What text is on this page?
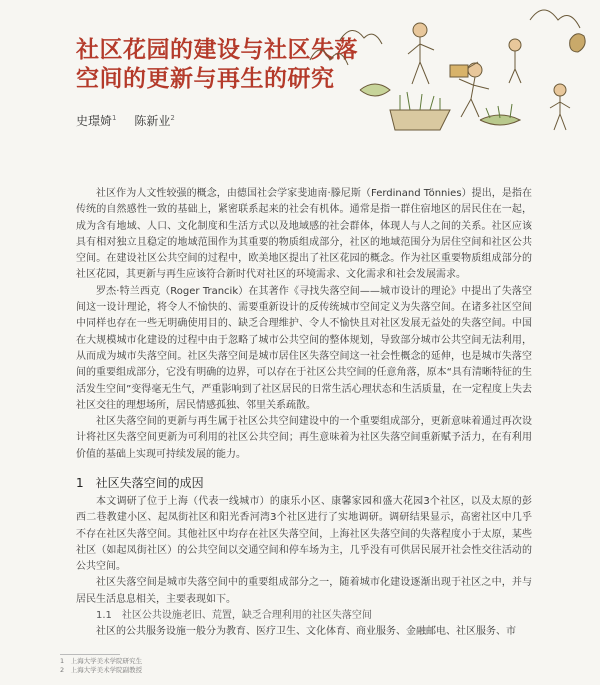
社区花园的建设与社区失落
空间的更新与再生的研究
史璟婍$^1$ 陈新业$^2$

社区作为人文性较强的概念，由德国社会学家斐迪南·滕尼斯（Ferdinand Tönnies）提出，是指在传统的自然感性一致的基础上，紧密联系起来的社会有机体。通常是指一群住宿地区的居民住在一起，成为含有地域、人口、文化制度和生活方式以及地域感的社会群体，体现人与人之间的关系。社区应该具有相对独立且稳定的地域范围作为其重要的物质组成部分，社区的地域范围分为居住空间和社区公共空间。在建设社区公共空间的过程中，欧美地区提出了社区花园的概念。作为社区重要物质组成部分的社区花园，其更新与再生应该符合新时代对社区的环境需求、文化需求和社会发展需求。

罗杰·特兰西克（Roger Trancik）在其著作《寻找失落空间——城市设计的理论》中提出了失落空间这一设计理论，将令人不愉快的、需要重新设计的反传统城市空间定义为失落空间。在诸多社区空间中同样也存在一些无明确使用目的、缺乏合理维护、令人不愉快且对社区发展无益处的失落空间。中国在大规模城市化建设的过程中由于忽略了城市公共空间的整体规划，导致部分城市公共空间无法利用，从而成为城市失落空间。社区失落空间是城市居住区失落空间这一社会性概念的延伸，也是城市失落空间的重要组成部分，它没有明确的边界，可以存在于社区公共空间的任意角落，原本“具有清晰特征的生活发生空间”变得毫无生气，严重影响到了社区居民的日常生活心理状态和生活质量，在一定程度上失去社区交往的理想场所，居民情感孤独、邻里关系疏散。

社区失落空间的更新与再生属于社区公共空间建设中的一个重要组成部分，更新意味着通过再次设计将社区失落空间更新为可利用的社区公共空间；再生意味着为社区失落空间重新赋予活力，在有利用价值的基础上实现可持续发展的能力。

1 社区失落空间的成因

本文调研了位于上海（代表一线城市）的康乐小区、康馨家园和盛大花园3个社区，以及太原的彭西二巷教建小区、起凤街社区和阳光香河湾3个社区进行了实地调研。调研结果显示，高密社区中几乎不存在社区失落空间。其他社区中均存在社区失落空间，上海社区失落空间的失落程度小于太原，某些社区（如起凤街社区）的公共空间以交通空间和停车场为主，几乎没有可供居民展开社会性交往活动的公共空间。

社区失落空间是城市失落空间中的重要组成部分之一，随着城市化建设逐渐出现于社区之中，并与居民生活息息相关，主要表现如下。

1.1　社区公共设施老旧、荒置，缺乏合理利用的社区失落空间

社区的公共服务设施一般分为教育、医疗卫生、文化体育、商业服务、金融邮电、社区服务、市

1　上海大学美术学院研究生
2　上海大学美术学院副教授
